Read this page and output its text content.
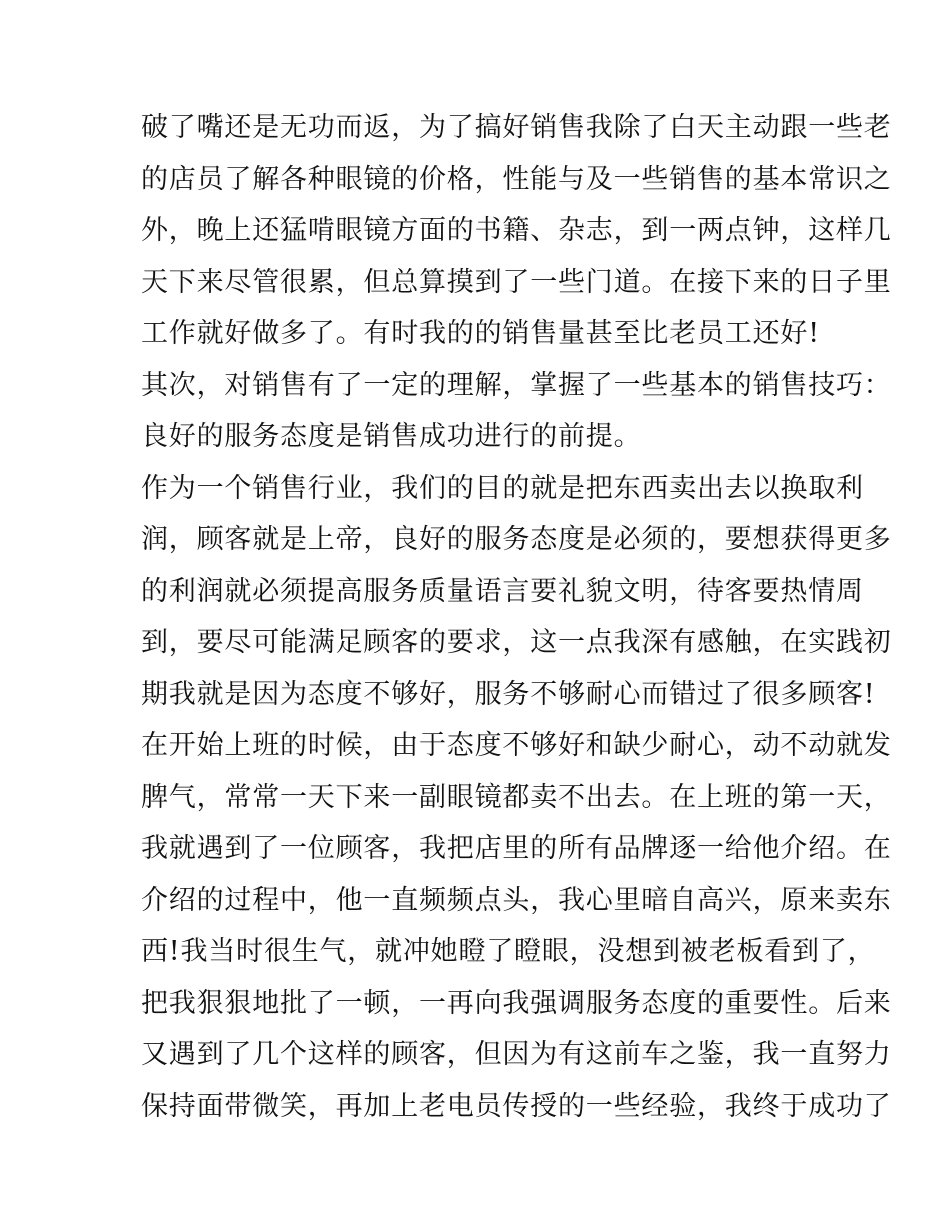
破了嘴还是无功而返，为了搞好销售我除了白天主动跟一些老
的店员了解各种眼镜的价格，性能与及一些销售的基本常识之
外，晚上还猛啃眼镜方面的书籍、杂志，到一两点钟，这样几
天下来尽管很累，但总算摸到了一些门道。在接下来的日子里
工作就好做多了。有时我的的销售量甚至比老员工还好!
其次，对销售有了一定的理解，掌握了一些基本的销售技巧：
良好的服务态度是销售成功进行的前提。
作为一个销售行业，我们的目的就是把东西卖出去以换取利
润，顾客就是上帝，良好的服务态度是必须的，要想获得更多
的利润就必须提高服务质量语言要礼貌文明，待客要热情周
到，要尽可能满足顾客的要求，这一点我深有感触，在实践初
期我就是因为态度不够好，服务不够耐心而错过了很多顾客!
在开始上班的时候，由于态度不够好和缺少耐心，动不动就发
脾气，常常一天下来一副眼镜都卖不出去。在上班的第一天，
我就遇到了一位顾客，我把店里的所有品牌逐一给他介绍。在
介绍的过程中，他一直频频点头，我心里暗自高兴，原来卖东
西!我当时很生气，就冲她瞪了瞪眼，没想到被老板看到了，
把我狠狠地批了一顿，一再向我强调服务态度的重要性。后来
又遇到了几个这样的顾客，但因为有这前车之鉴，我一直努力
保持面带微笑，再加上老电员传授的一些经验，我终于成功了
